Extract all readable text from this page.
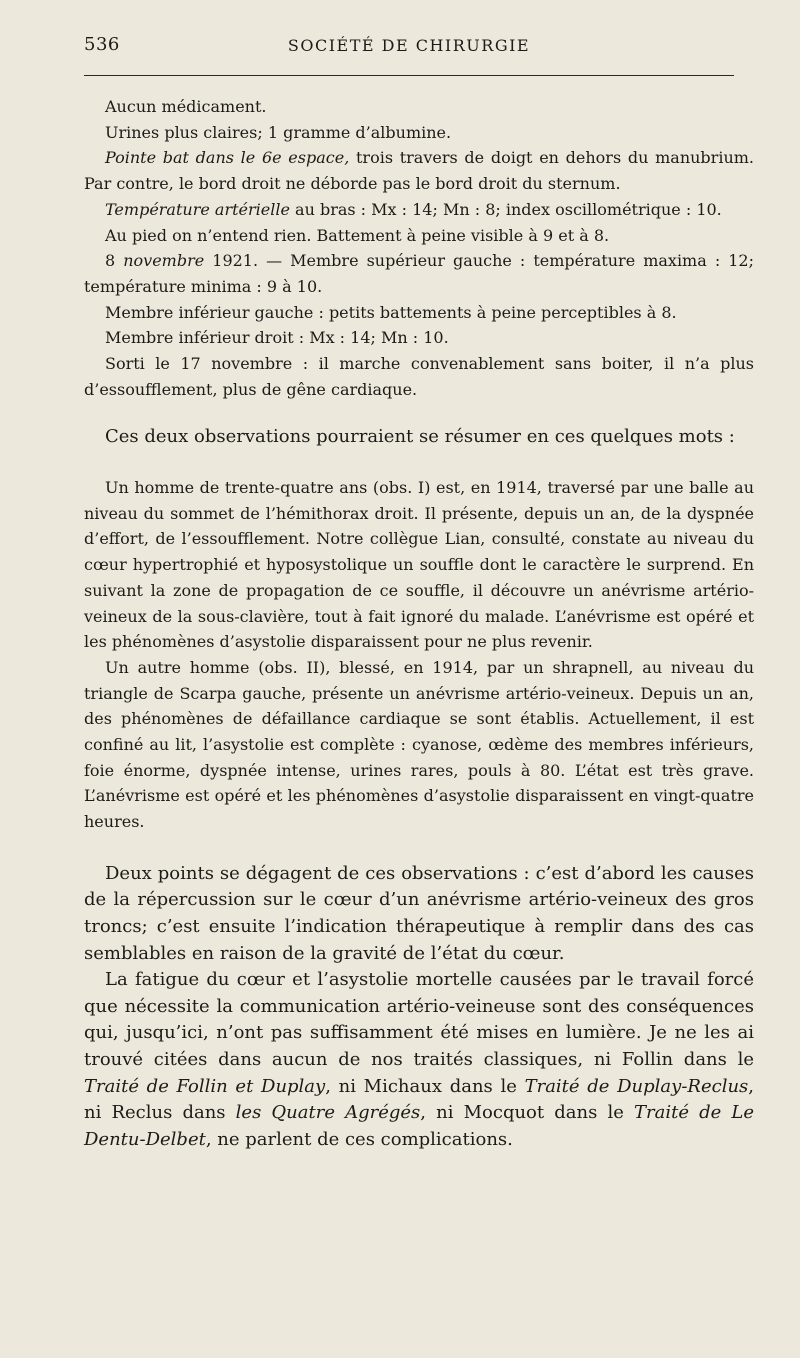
536	SOCIÉTÉ DE CHIRURGIE

Aucun médicament.

Urines plus claires; 1 gramme d’albumine.

Pointe bat dans le 6e espace, trois travers de doigt en dehors du manubrium. Par contre, le bord droit ne déborde pas le bord droit du sternum.

Température artérielle au bras : Mx : 14; Mn : 8; index oscillométrique : 10.

Au pied on n’entend rien. Battement à peine visible à 9 et à 8.

8 novembre 1921. — Membre supérieur gauche : température maxima : 12; température minima : 9 à 10.

Membre inférieur gauche : petits battements à peine perceptibles à 8.

Membre inférieur droit : Mx : 14; Mn : 10.

Sorti le 17 novembre : il marche convenablement sans boiter, il n’a plus d’essoufflement, plus de gêne cardiaque.

Ces deux observations pourraient se résumer en ces quelques mots :

Un homme de trente-quatre ans (obs. I) est, en 1914, traversé par une balle au niveau du sommet de l’hémithorax droit. Il présente, depuis un an, de la dyspnée d’effort, de l’essoufflement. Notre collègue Lian, consulté, constate au niveau du cœur hypertrophié et hyposystolique un souffle dont le caractère le surprend. En suivant la zone de propagation de ce souffle, il découvre un anévrisme artério-veineux de la sous-clavière, tout à fait ignoré du malade. L’anévrisme est opéré et les phénomènes d’asystolie disparaissent pour ne plus revenir.

Un autre homme (obs. II), blessé, en 1914, par un shrapnell, au niveau du triangle de Scarpa gauche, présente un anévrisme artério-veineux. Depuis un an, des phénomènes de défaillance cardiaque se sont établis. Actuellement, il est confiné au lit, l’asystolie est complète : cyanose, œdème des membres inférieurs, foie énorme, dyspnée intense, urines rares, pouls à 80. L’état est très grave. L’anévrisme est opéré et les phénomènes d’asystolie disparaissent en vingt-quatre heures.

Deux points se dégagent de ces observations : c’est d’abord les causes de la répercussion sur le cœur d’un anévrisme artério-veineux des gros troncs; c’est ensuite l’indication thérapeutique à remplir dans des cas semblables en raison de la gravité de l’état du cœur.

La fatigue du cœur et l’asystolie mortelle causées par le travail forcé que nécessite la communication artério-veineuse sont des conséquences qui, jusqu’ici, n’ont pas suffisamment été mises en lumière. Je ne les ai trouvé citées dans aucun de nos traités classiques, ni Follin dans le Traité de Follin et Duplay, ni Michaux dans le Traité de Duplay-Reclus, ni Reclus dans les Quatre Agrégés, ni Mocquot dans le Traité de Le Dentu-Delbet, ne parlent de ces complications.
